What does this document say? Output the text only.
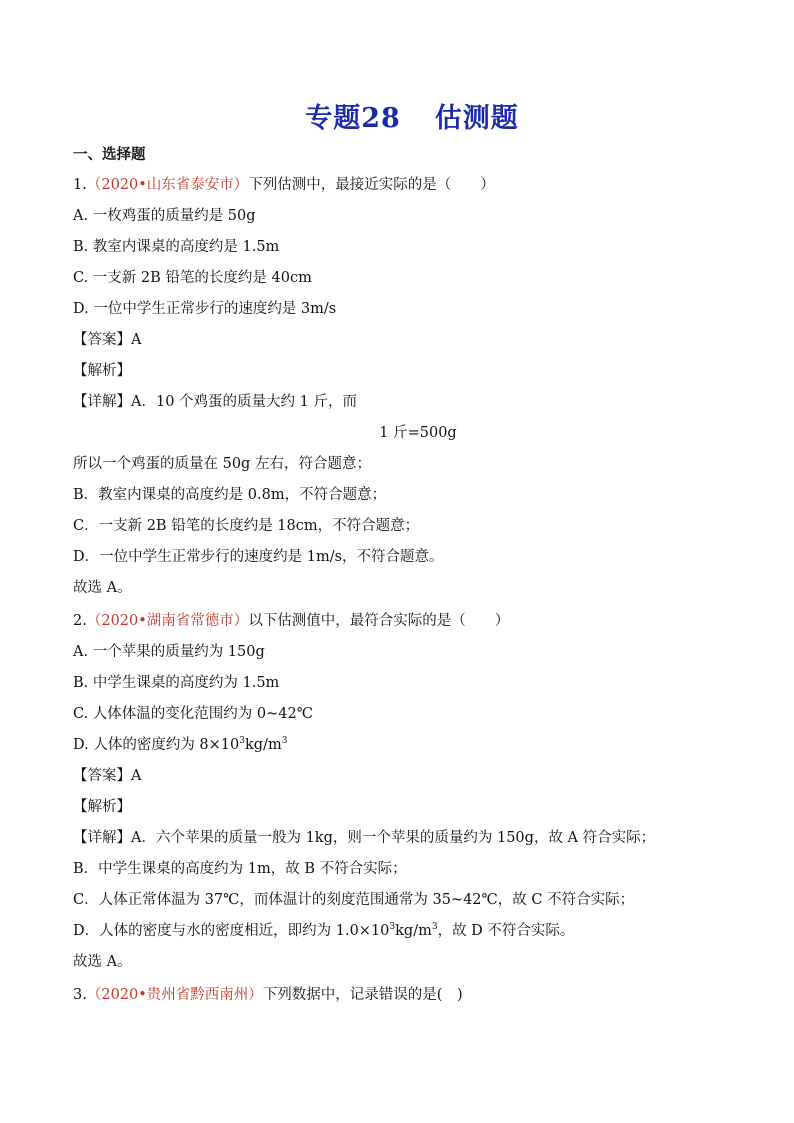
专题28 估测题
一、选择题
1.（2020•山东省泰安市）下列估测中，最接近实际的是（　　）
A. 一枚鸡蛋的质量约是 50g
B. 教室内课桌的高度约是 1.5m
C. 一支新 2B 铅笔的长度约是 40cm
D. 一位中学生正常步行的速度约是 3m/s
【答案】A
【解析】
【详解】A．10 个鸡蛋的质量大约 1 斤，而
1 斤=500g
所以一个鸡蛋的质量在 50g 左右，符合题意；
B．教室内课桌的高度约是 0.8m，不符合题意；
C．一支新 2B 铅笔的长度约是 18cm，不符合题意；
D．一位中学生正常步行的速度约是 1m/s，不符合题意。
故选 A。
2.（2020•湖南省常德市）以下估测值中，最符合实际的是（　　）
A. 一个苹果的质量约为 150g
B. 中学生课桌的高度约为 1.5m
C. 人体体温的变化范围约为 0~42℃
D. 人体的密度约为 $8\times 10^3kg/m^3$
【答案】A
【解析】
【详解】A．六个苹果的质量一般为 1kg，则一个苹果的质量约为 150g，故 A 符合实际；
B．中学生课桌的高度约为 1m，故 B 不符合实际；
C．人体正常体温为 37℃，而体温计的刻度范围通常为 35~42℃，故 C 不符合实际；
D．人体的密度与水的密度相近，即约为 $1.0\times 10^3kg/m^3$，故 D 不符合实际。
故选 A。
3.（2020•贵州省黔西南州）下列数据中，记录错误的是(　)
